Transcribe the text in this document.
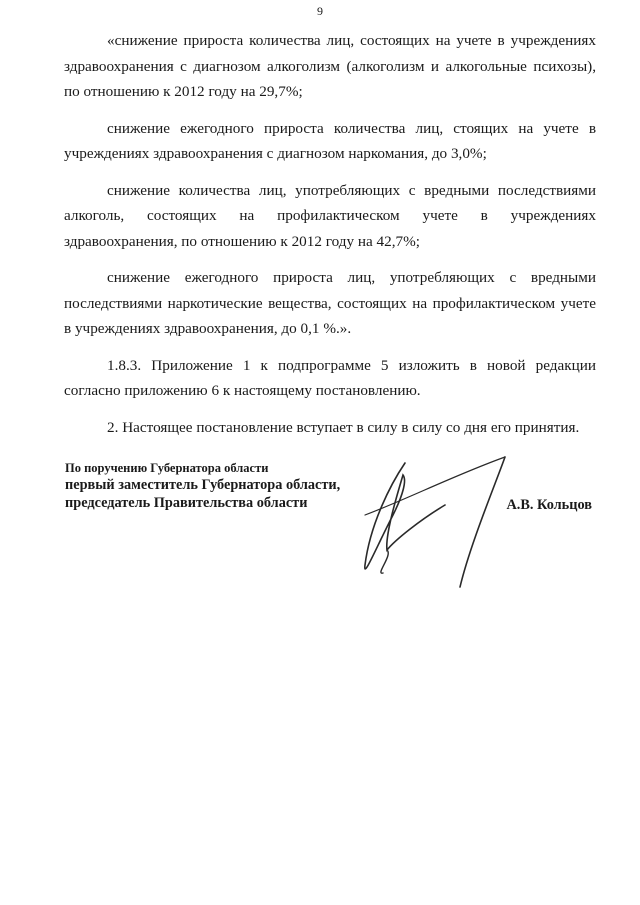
9

«снижение прироста количества лиц, состоящих на учете в учреждениях здравоохранения с диагнозом алкоголизм (алкоголизм и алкогольные психозы), по отношению к 2012 году на 29,7%;

снижение ежегодного прироста количества лиц, стоящих на учете в учреждениях здравоохранения с диагнозом наркомания, до 3,0%;

снижение количества лиц, употребляющих с вредными последствиями алкоголь, состоящих на профилактическом учете в учреждениях здравоохранения, по отношению к 2012 году на 42,7%;

снижение ежегодного прироста лиц, употребляющих с вредными последствиями наркотические вещества, состоящих на профилактическом учете в учреждениях здравоохранения, до 0,1 %.».

1.8.3. Приложение 1 к подпрограмме 5 изложить в новой редакции согласно приложению 6 к настоящему постановлению.

2. Настоящее постановление вступает в силу в силу со дня его принятия.

По поручению Губернатора области
первый заместитель Губернатора области,
председатель Правительства области	А.В. Кольцов
